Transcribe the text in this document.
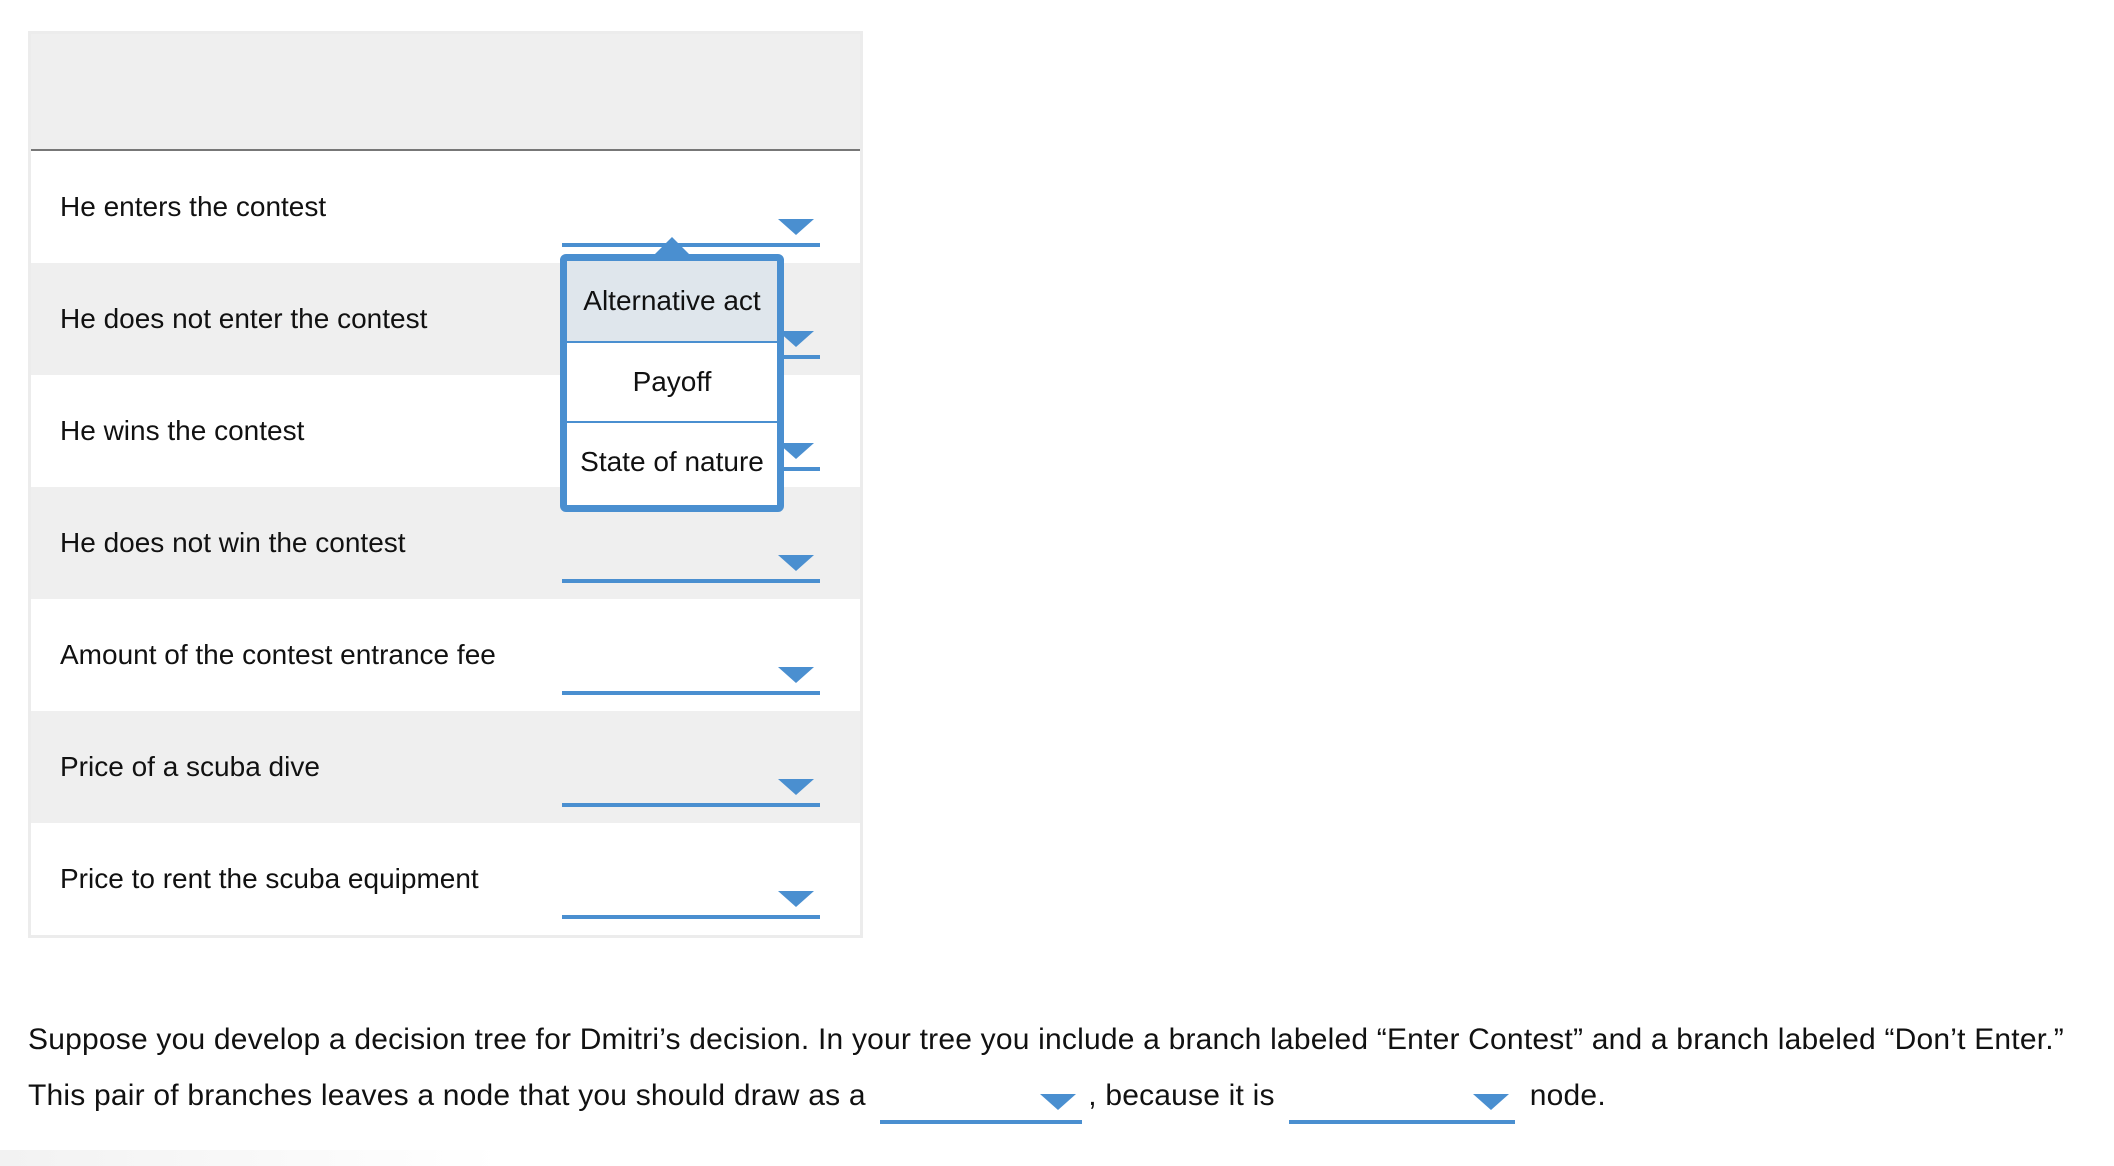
He enters the contest
He does not enter the contest
He wins the contest
He does not win the contest
Amount of the contest entrance fee
Price of a scuba dive
Price to rent the scuba equipment
Alternative act
Payoff
State of nature
Suppose you develop a decision tree for Dmitri’s decision. In your tree you include a branch labeled “Enter Contest” and a branch labeled “Don’t Enter.” This pair of branches leaves a node that you should draw as a	, because it is	node.
